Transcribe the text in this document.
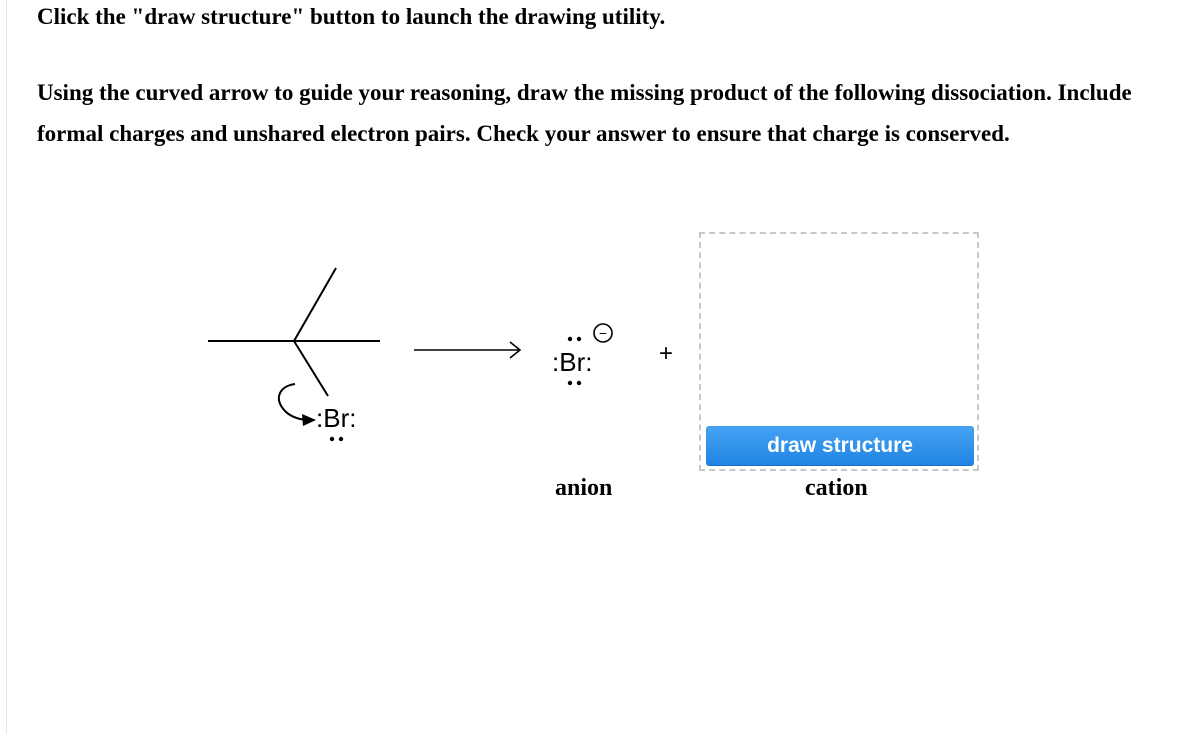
Click the "draw structure" button to launch the drawing utility.

Using the curved arrow to guide your reasoning, draw the missing product of the following dissociation. Include formal charges and unshared electron pairs. Check your answer to ensure that charge is conserved.

:Br:
:Br:
−
+
draw structure
anion	cation
